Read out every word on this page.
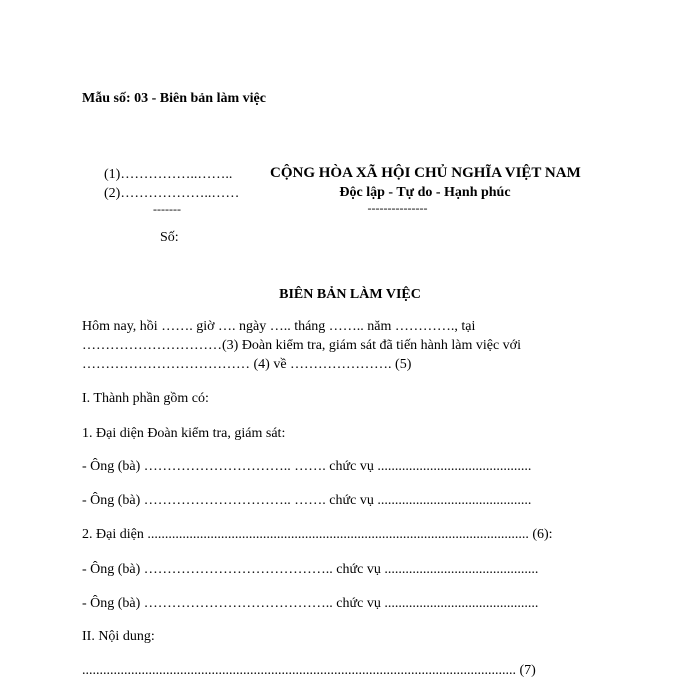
Mẫu số: 03 - Biên bản làm việc
(1)……………..……..
(2)………………..……
-------
Số:
CỘNG HÒA XÃ HỘI CHỦ NGHĨA VIỆT NAM
Độc lập - Tự do - Hạnh phúc
---------------
BIÊN BẢN LÀM VIỆC
Hôm nay, hồi ……. giờ …. ngày ….. tháng …….. năm …………., tại
…………………………(3) Đoàn kiểm tra, giám sát đã tiến hành làm việc với
……………………………… (4) về …………………. (5)
I. Thành phần gồm có:
1. Đại diện Đoàn kiểm tra, giám sát:
- Ông (bà) ………………………….. ……. chức vụ ............................................
- Ông (bà) ………………………….. ……. chức vụ ............................................
2. Đại diện ............................................................................................................. (6):
- Ông (bà) ………………………………….. chức vụ ............................................
- Ông (bà) ………………………………….. chức vụ ............................................
II. Nội dung:
............................................................................................................................ (7)
